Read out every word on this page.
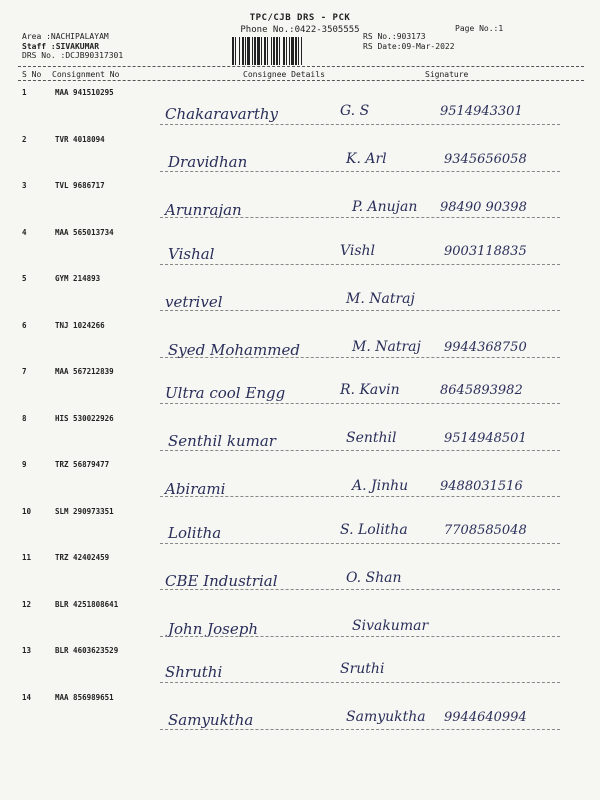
TPC/CJB DRS - PCK
Phone No.:0422-3505555	Page No.:1
Area :NACHIPALAYAM
Staff :SIVAKUMAR
DRS No. :DCJB90317301
RS No.:903173
RS Date:09-Mar-2022
S No Consignment No	Consignee Details	Signature
1	MAA 941510295
Chakaravarthy	G. S	9514943301
2	TVR 4018094
Dravidhan	K. Arl	9345656058
3	TVL 9686717
Arunrajan	P. Anujan 98490 90398
4	MAA 565013734
Vishal	Vishl	9003118835
5	GYM 214893
vetrivel	M. Natraj
6	TNJ 1024266
Syed Mohammed	M. Natraj 9944368750
7	MAA 567212839
Ultra cool Engg	R. Kavin	8645893982
8	HIS 530022926
Senthil kumar	Senthil	9514948501
9	TRZ 56879477
Abirami	A. Jinhu 9488031516
10	SLM 290973351
Lolitha	S. Lolitha	7708585048
11	TRZ 42402459
CBE Industrial	O. Shan
12	BLR 4251808641
John Joseph	Sivakumar
13	BLR 4603623529
Shruthi	Sruthi
14	MAA 856989651
Samyuktha	Samyuktha 9944640994
